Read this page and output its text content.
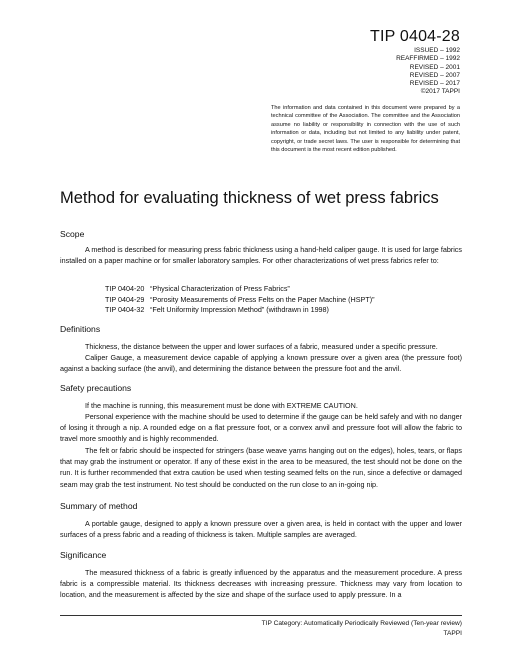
TIP 0404-28
ISSUED – 1992
REAFFIRMED – 1992
REVISED – 2001
REVISED – 2007
REVISED – 2017
©2017 TAPPI
The information and data contained in this document were prepared by a technical committee of the Association. The committee and the Association assume no liability or responsibility in connection with the use of such information or data, including but not limited to any liability under patent, copyright, or trade secret laws. The user is responsible for determining that this document is the most recent edition published.
Method for evaluating thickness of wet press fabrics
Scope

A method is described for measuring press fabric thickness using a hand-held caliper gauge. It is used for large fabrics installed on a paper machine or for smaller laboratory samples. For other characterizations of wet press fabrics refer to:

TIP 0404-20 “Physical Characterization of Press Fabrics”
TIP 0404-29 “Porosity Measurements of Press Felts on the Paper Machine (HSPT)”
TIP 0404-32 “Felt Uniformity Impression Method” (withdrawn in 1998)
Definitions

Thickness, the distance between the upper and lower surfaces of a fabric, measured under a specific pressure.

Caliper Gauge, a measurement device capable of applying a known pressure over a given area (the pressure foot) against a backing surface (the anvil), and determining the distance between the pressure foot and the anvil.

Safety precautions

If the machine is running, this measurement must be done with EXTREME CAUTION.

Personal experience with the machine should be used to determine if the gauge can be held safely and with no danger of losing it through a nip. A rounded edge on a flat pressure foot, or a convex anvil and pressure foot will allow the fabric to travel more smoothly and is highly recommended.

The felt or fabric should be inspected for stringers (base weave yarns hanging out on the edges), holes, tears, or flaps that may grab the instrument or operator. If any of these exist in the area to be measured, the test should not be done on the run. It is further recommended that extra caution be used when testing seamed felts on the run, since a defective or damaged seam may grab the test instrument. No test should be conducted on the run close to an in-going nip.

Summary of method

A portable gauge, designed to apply a known pressure over a given area, is held in contact with the upper and lower surfaces of a press fabric and a reading of thickness is taken. Multiple samples are averaged.

Significance

The measured thickness of a fabric is greatly influenced by the apparatus and the measurement procedure. A press fabric is a compressible material. Its thickness decreases with increasing pressure. Thickness may vary from location to location, and the measurement is affected by the size and shape of the surface used to apply pressure. In a

TIP Category: Automatically Periodically Reviewed (Ten-year review)
TAPPI
